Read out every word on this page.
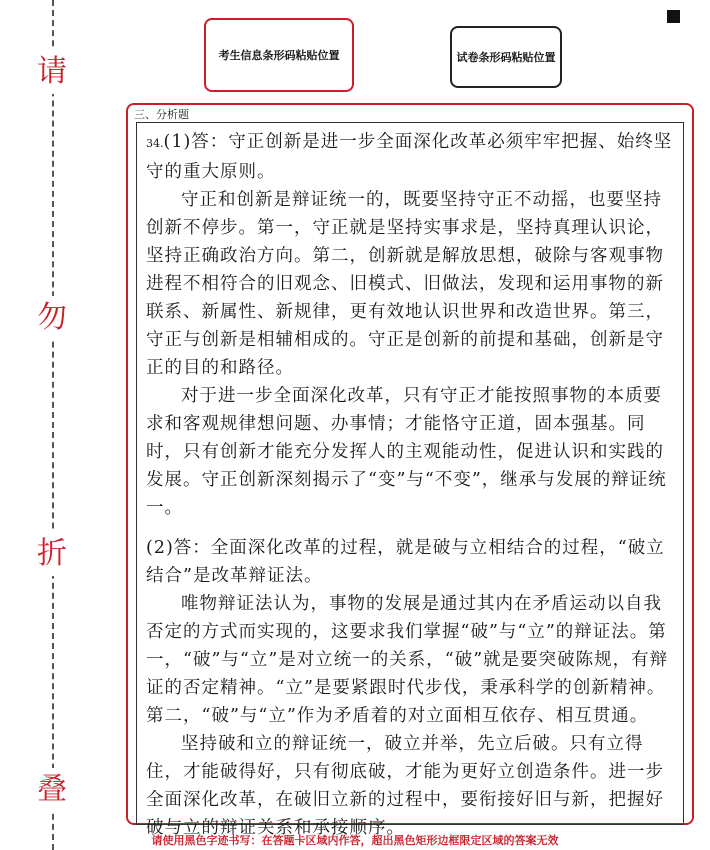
请
勿
折
叠
考生信息条形码粘贴位置	试卷条形码粘贴位置
三、分析题

34.(1)答：守正创新是进一步全面深化改革必须牢牢把握、始终坚守的重大原则。

守正和创新是辩证统一的，既要坚持守正不动摇，也要坚持创新不停步。第一，守正就是坚持实事求是，坚持真理认识论，坚持正确政治方向。第二，创新就是解放思想，破除与客观事物进程不相符合的旧观念、旧模式、旧做法，发现和运用事物的新联系、新属性、新规律，更有效地认识世界和改造世界。第三，守正与创新是相辅相成的。守正是创新的前提和基础，创新是守正的目的和路径。

对于进一步全面深化改革，只有守正才能按照事物的本质要求和客观规律想问题、办事情；才能恪守正道，固本强基。同时，只有创新才能充分发挥人的主观能动性，促进认识和实践的发展。守正创新深刻揭示了“变”与“不变”，继承与发展的辩证统一。

(2)答：全面深化改革的过程，就是破与立相结合的过程，“破立结合”是改革辩证法。

唯物辩证法认为，事物的发展是通过其内在矛盾运动以自我否定的方式而实现的，这要求我们掌握“破”与“立”的辩证法。第一，“破”与“立”是对立统一的关系，“破”就是要突破陈规，有辩证的否定精神。“立”是要紧跟时代步伐，秉承科学的创新精神。第二，“破”与“立”作为矛盾着的对立面相互依存、相互贯通。

坚持破和立的辩证统一，破立并举，先立后破。只有立得住，才能破得好，只有彻底破，才能为更好立创造条件。进一步全面深化改革，在破旧立新的过程中，要衔接好旧与新，把握好破与立的辩证关系和承接顺序。

请使用黑色字迹书写：在答题卡区域内作答，超出黑色矩形边框限定区域的答案无效
